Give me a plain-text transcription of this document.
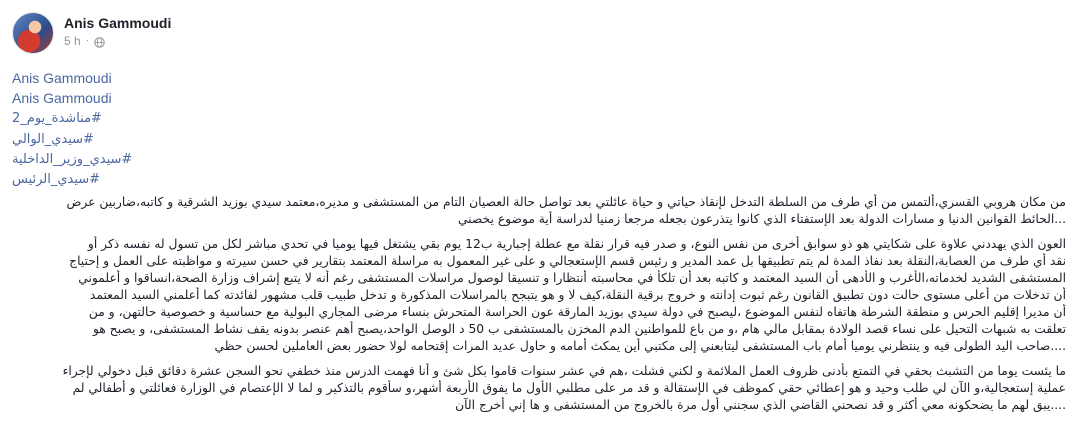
Anis Gammoudi
5 h ·
Anis Gammoudi
Anis Gammoudi
#مناشدة_يوم_2
#سيدي_الوالي
#سيدي_وزير_الداخلية
#سيدي_الرئيس
من مكان هروبي القسري،ألتمس من أي طرف من السلطة التدخل لإنقاذ حياتي و حياة عائلتي بعد تواصل حالة العصيان التام من المستشفى و مديره،معتمد سيدي بوزيد الشرقية و كاتبه،ضاربين عرض
...الحائط القوانين الدنيا و مسارات الدولة بعد الإستفتاء الذي كانوا يتذرعون بجعله مرجعا زمنيا لدراسة أية موضوع يخصني
العون الذي يهددني علاوة على شكايتي هو ذو سوابق أخرى من نفس النوع، و صدر فيه قرار نقلة مع عطلة إجبارية ب12 يوم بقي يشتغل فيها يوميا في تحدي مباشر لكل من تسول له نفسه ذكر أو
نقد أي طرف من العصابة،النقلة بعد نفاذ المدة لم يتم تطبيقها بل عمد المدير و رئيس قسم الإستعجالي و على غير المعمول به مراسلة المعتمد بتقارير في حسن سيرته و مواظبته على العمل و إحتياج
المستشفى الشديد لخدماته،الأغرب و الأدهى أن السيد المعتمد و كاتبه بعد أن تلكأ في محاسبته أنتظارا و تنسيقا لوصول مراسلات المستشفى رغم أنه لا يتبع إشراف وزارة الصحة،انساقوا و أعلموني
أن تدخلات من أعلى مستوى حالت دون تطبيق القانون رغم ثبوت إدانته و خروج برقية النقلة،كيف لا و هو يتبجح بالمراسلات المذكورة و تدخل طبيب قلب مشهور لفائدته كما أعلمني السيد المعتمد
أن مديرا إقليم الحرس و منطقة الشرطة هاتفاه لنفس الموضوع ،ليصبح في دولة سيدي بوزيد المارقة عون الحراسة المتحرش بنساء مرضى المجاري البولية مع حساسية و خصوصية حالتهن، و من
تعلقت به شبهات التحيل على نساء قصد الولادة بمقابل مالي هام ،و من باع للمواطنين الدم المخزن بالمستشفى ب 50 د الوصل الواحد،يصبح أهم عنصر بدونه يقف نشاط المستشفى، و يصبح هو
....صاحب اليد الطولى فيه و ينتظرني يوميا أمام باب المستشفى ليتابعني إلى مكتبي أين يمكث أمامه و حاول عديد المرات إقتحامه لولا حضور بعض العاملين لحسن حظي
ما يئست يوما من التشبث بحقي في التمتع بأدنى ظروف العمل الملائمة و لكني فشلت ،هم في عشر سنوات قاموا بكل شئ و أنا فهمت الدرس منذ خطفي نحو السجن عشرة دقائق قبل دخولي لإجراء
عملية إستعجالية،و الآن لي طلب وحيد و هو إعطائي حقي كموظف في الإستقالة و قد مر على مطلبي الأول ما يفوق الأربعة أشهر،و سأقوم بالتذكير و لما لا الإعتصام في الوزارة فعائلتي و أطفالي لم
....يبق لهم ما يضحكونه معي أكثر و قد نصحني القاضي الذي سجنني أول مرة بالخروج من المستشفى و ها إني أخرج الآن
